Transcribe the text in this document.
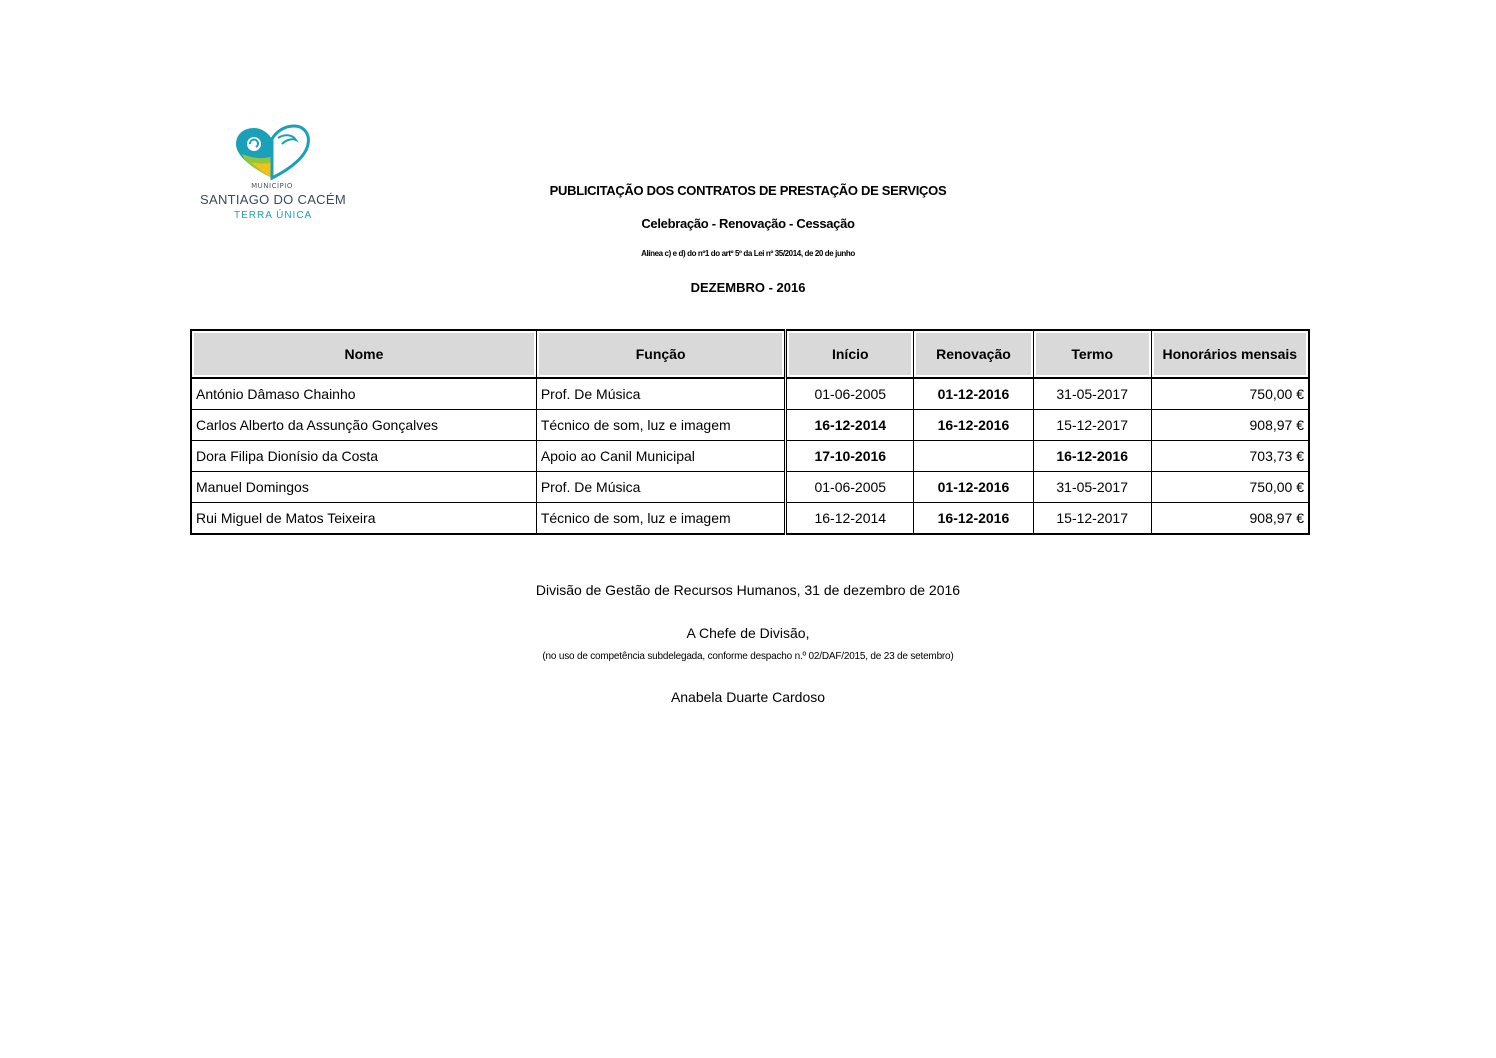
MUNICÍPIO
SANTIAGO DO CACÉM
TERRA ÚNICA
PUBLICITAÇÃO DOS CONTRATOS DE PRESTAÇÃO DE SERVIÇOS
Celebração - Renovação - Cessação
Alínea c) e d) do nº1 do artº 5º da Lei nº 35/2014, de 20 de junho
DEZEMBRO - 2016
Nome	Função	Início	Renovação	Termo	Honorários mensais
António Dâmaso Chainho	Prof. De Música	01-06-2005	01-12-2016	31-05-2017	750,00 €
Carlos Alberto da Assunção Gonçalves	Técnico de som, luz e imagem	16-12-2014	16-12-2016	15-12-2017	908,97 €
Dora Filipa Dionísio da Costa	Apoio ao Canil Municipal	17-10-2016		16-12-2016	703,73 €
Manuel Domingos	Prof. De Música	01-06-2005	01-12-2016	31-05-2017	750,00 €
Rui Miguel de Matos Teixeira	Técnico de som, luz e imagem	16-12-2014	16-12-2016	15-12-2017	908,97 €
Divisão de Gestão de Recursos Humanos, 31 de dezembro de 2016
A Chefe de Divisão,
(no uso de competência subdelegada, conforme despacho n.º 02/DAF/2015, de 23 de setembro)
Anabela Duarte Cardoso
